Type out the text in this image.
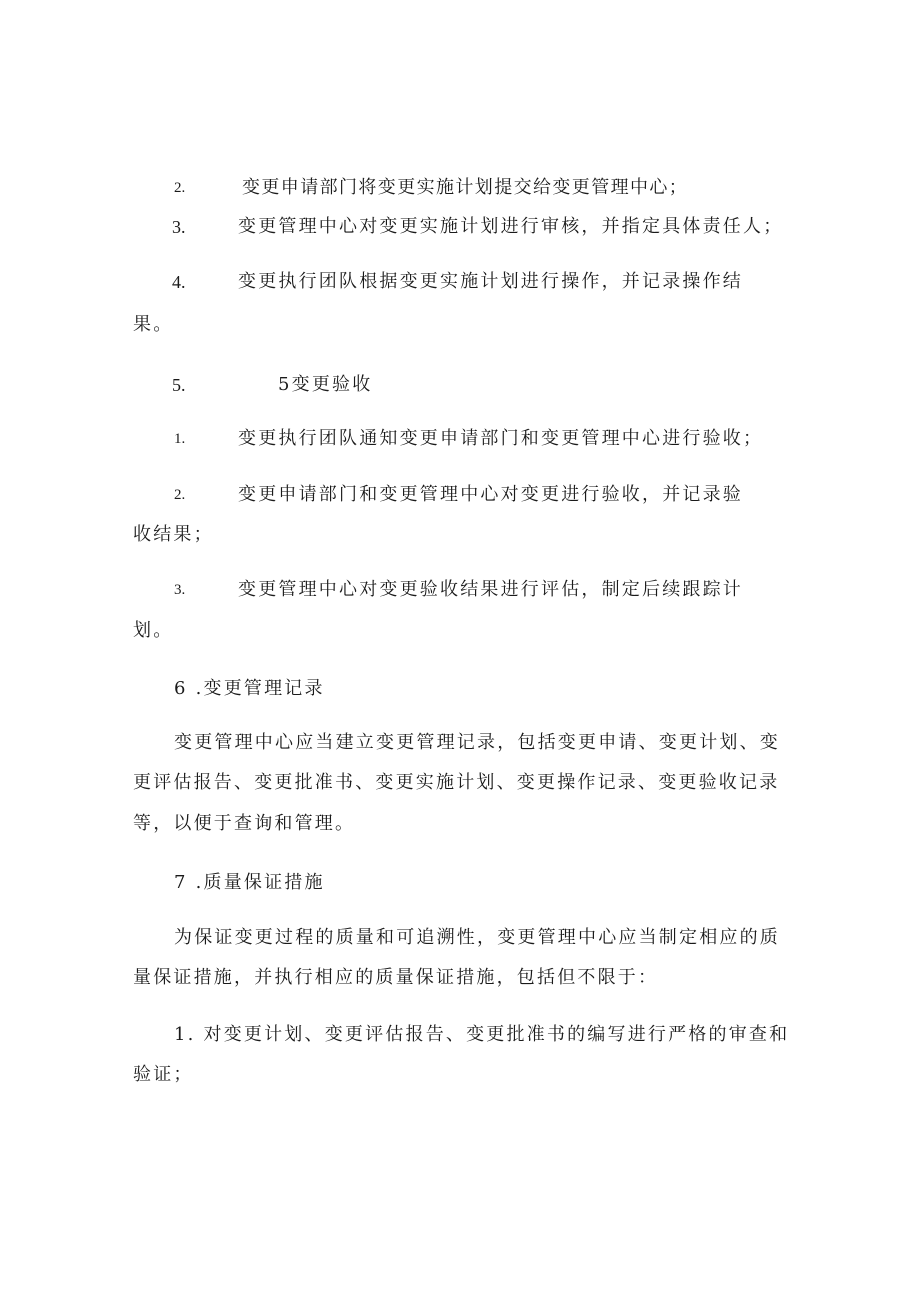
2.	变更申请部门将变更实施计划提交给变更管理中心；
3.	变更管理中心对变更实施计划进行审核，并指定具体责任人；
4.	变更执行团队根据变更实施计划进行操作，并记录操作结
果。
5.	5变更验收
1.	变更执行团队通知变更申请部门和变更管理中心进行验收；
2.	变更申请部门和变更管理中心对变更进行验收，并记录验
收结果；
3.	变更管理中心对变更验收结果进行评估，制定后续跟踪计
划。
6 .变更管理记录
变更管理中心应当建立变更管理记录，包括变更申请、变更计划、变
更评估报告、变更批准书、变更实施计划、变更操作记录、变更验收记录
等，以便于查询和管理。
7 .质量保证措施
为保证变更过程的质量和可追溯性，变更管理中心应当制定相应的质
量保证措施，并执行相应的质量保证措施，包括但不限于：
1. 对变更计划、变更评估报告、变更批准书的编写进行严格的审查和
验证；
